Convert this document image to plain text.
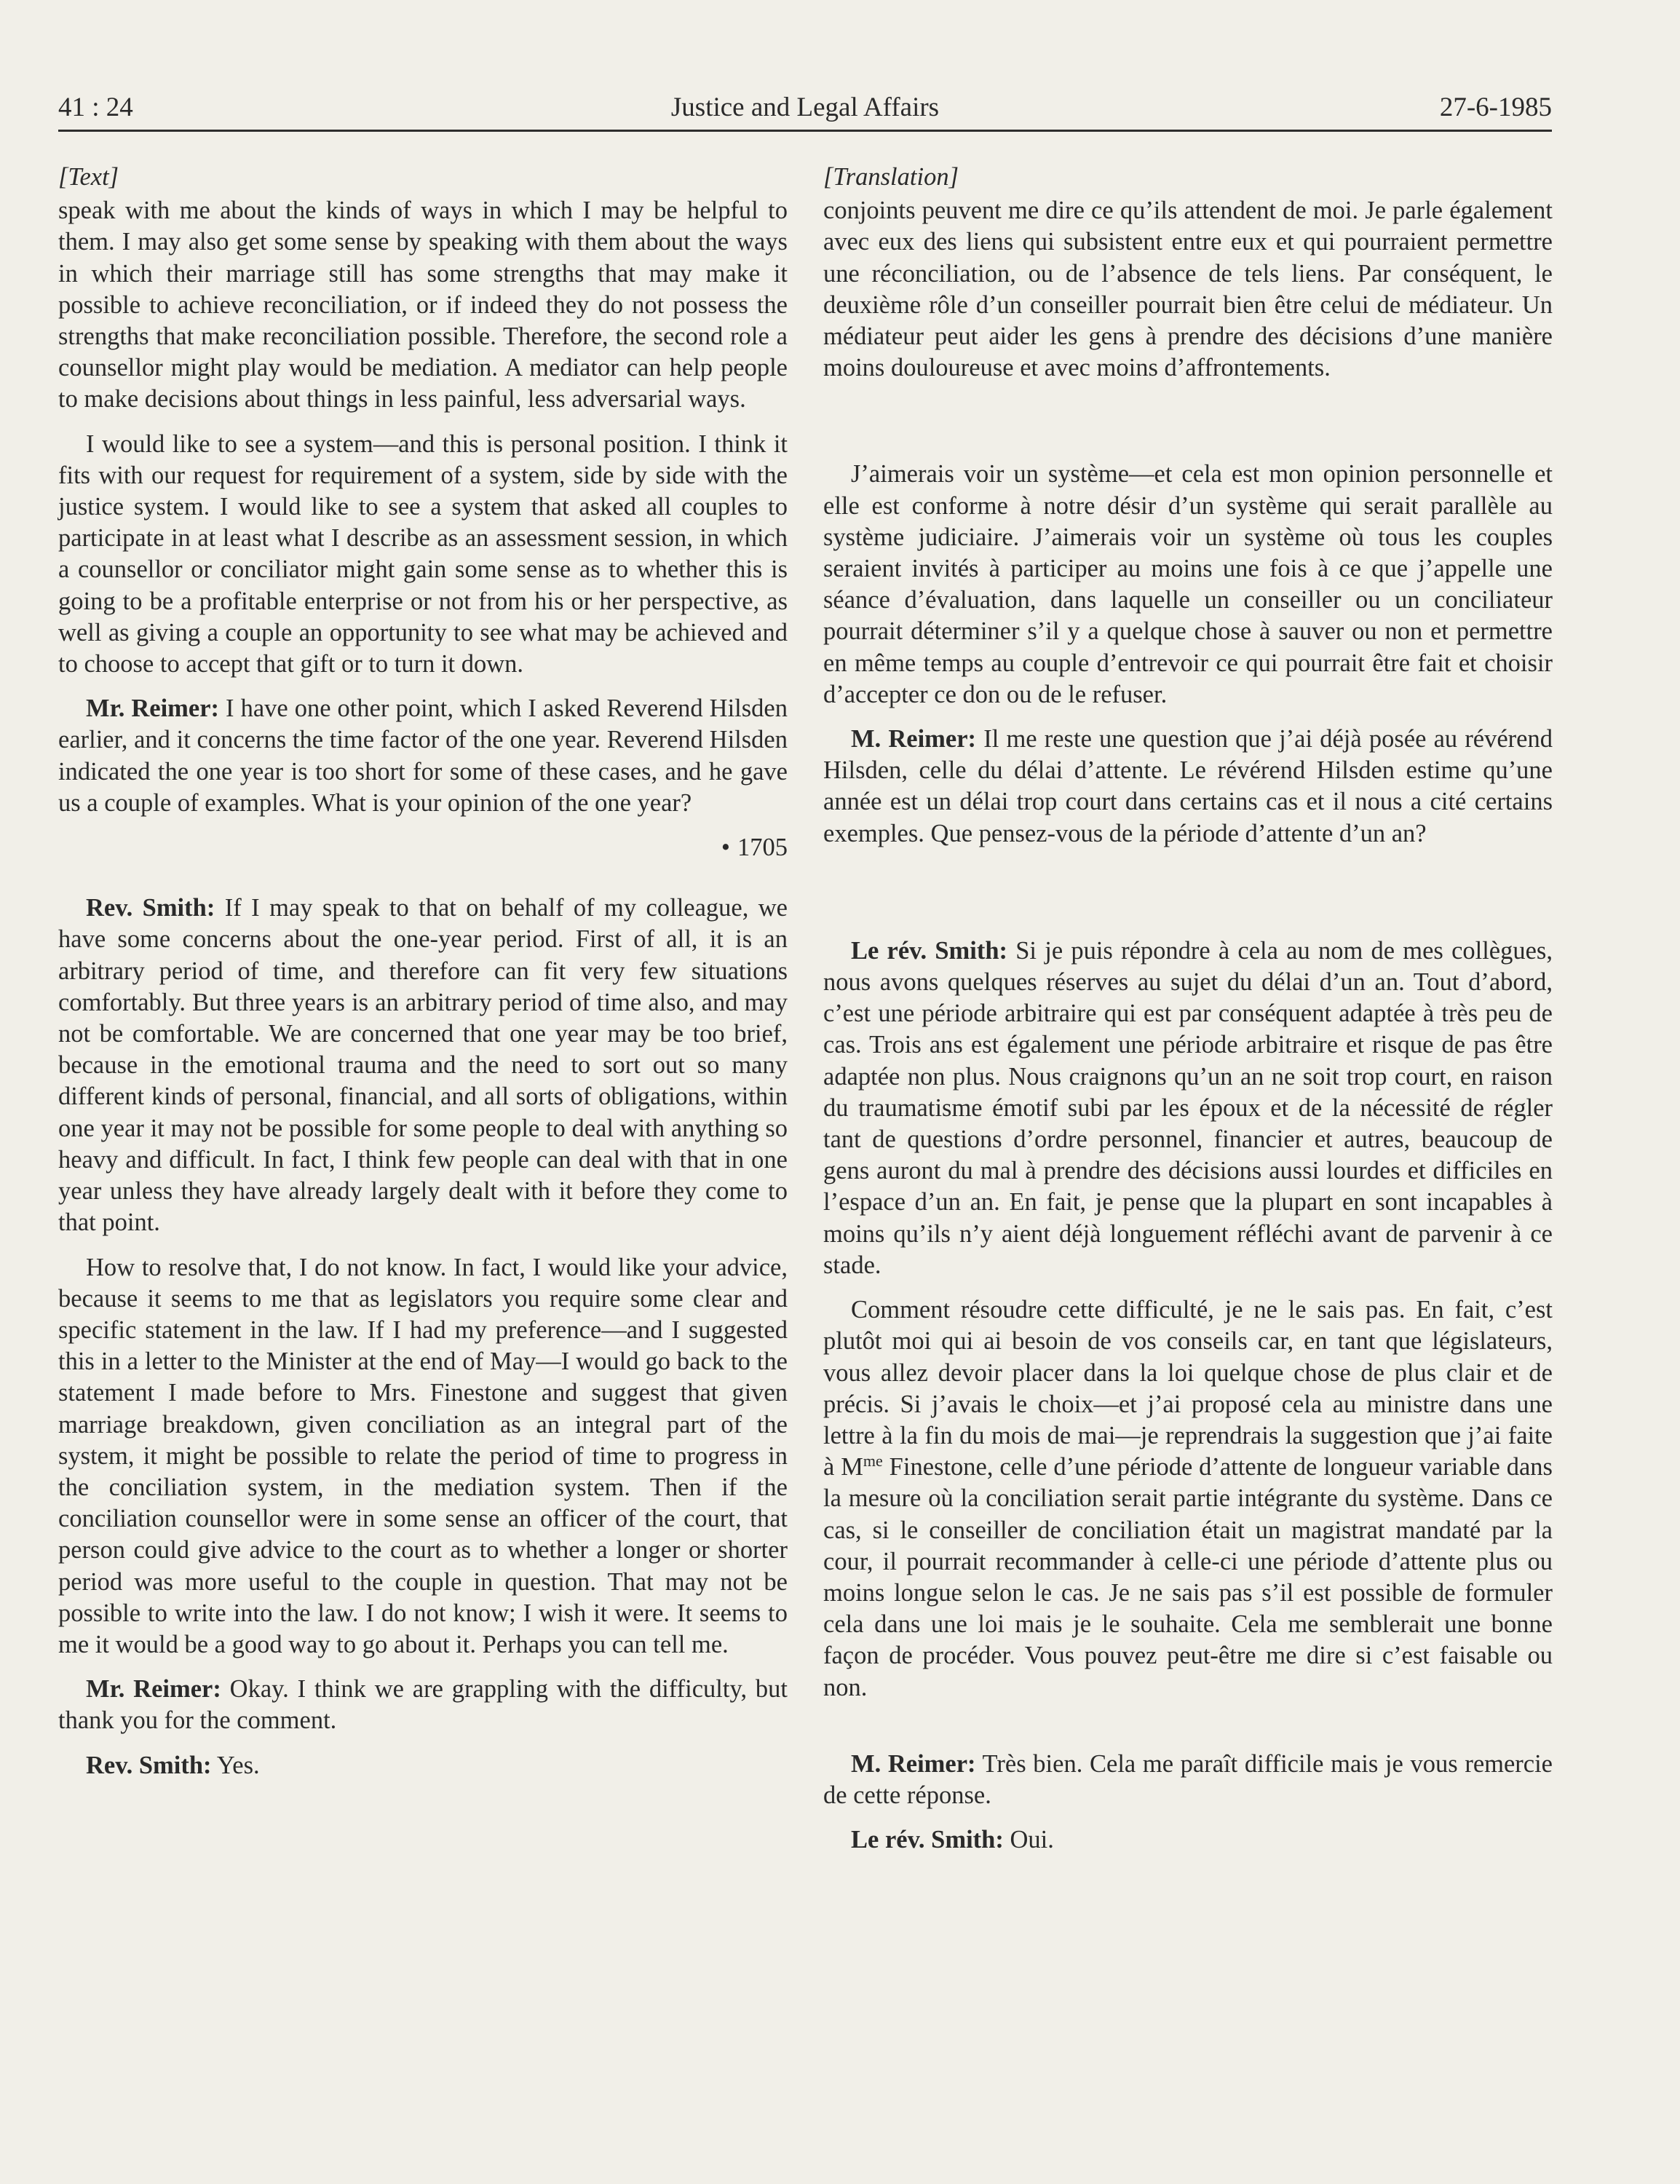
41 : 24	Justice and Legal Affairs	27-6-1985
[Text]

speak with me about the kinds of ways in which I may be helpful to them. I may also get some sense by speaking with them about the ways in which their marriage still has some strengths that may make it possible to achieve reconciliation, or if indeed they do not possess the strengths that make reconciliation possible. Therefore, the second role a counsellor might play would be mediation. A mediator can help people to make decisions about things in less painful, less adversarial ways.

I would like to see a system—and this is personal position. I think it fits with our request for requirement of a system, side by side with the justice system. I would like to see a system that asked all couples to participate in at least what I describe as an assessment session, in which a counsellor or conciliator might gain some sense as to whether this is going to be a profitable enterprise or not from his or her perspective, as well as giving a couple an opportunity to see what may be achieved and to choose to accept that gift or to turn it down.

Mr. Reimer: I have one other point, which I asked Reverend Hilsden earlier, and it concerns the time factor of the one year. Reverend Hilsden indicated the one year is too short for some of these cases, and he gave us a couple of examples. What is your opinion of the one year?

• 1705

Rev. Smith: If I may speak to that on behalf of my colleague, we have some concerns about the one-year period. First of all, it is an arbitrary period of time, and therefore can fit very few situations comfortably. But three years is an arbitrary period of time also, and may not be comfortable. We are concerned that one year may be too brief, because in the emotional trauma and the need to sort out so many different kinds of personal, financial, and all sorts of obligations, within one year it may not be possible for some people to deal with anything so heavy and difficult. In fact, I think few people can deal with that in one year unless they have already largely dealt with it before they come to that point.

How to resolve that, I do not know. In fact, I would like your advice, because it seems to me that as legislators you require some clear and specific statement in the law. If I had my preference—and I suggested this in a letter to the Minister at the end of May—I would go back to the statement I made before to Mrs. Finestone and suggest that given marriage breakdown, given conciliation as an integral part of the system, it might be possible to relate the period of time to progress in the conciliation system, in the mediation system. Then if the conciliation counsellor were in some sense an officer of the court, that person could give advice to the court as to whether a longer or shorter period was more useful to the couple in question. That may not be possible to write into the law. I do not know; I wish it were. It seems to me it would be a good way to go about it. Perhaps you can tell me.

Mr. Reimer: Okay. I think we are grappling with the difficulty, but thank you for the comment.

Rev. Smith: Yes.

[Translation]

conjoints peuvent me dire ce qu’ils attendent de moi. Je parle également avec eux des liens qui subsistent entre eux et qui pourraient permettre une réconciliation, ou de l’absence de tels liens. Par conséquent, le deuxième rôle d’un conseiller pourrait bien être celui de médiateur. Un médiateur peut aider les gens à prendre des décisions d’une manière moins douloureuse et avec moins d’affrontements.

J’aimerais voir un système—et cela est mon opinion personnelle et elle est conforme à notre désir d’un système qui serait parallèle au système judiciaire. J’aimerais voir un système où tous les couples seraient invités à participer au moins une fois à ce que j’appelle une séance d’évaluation, dans laquelle un conseiller ou un conciliateur pourrait déterminer s’il y a quelque chose à sauver ou non et permettre en même temps au couple d’entrevoir ce qui pourrait être fait et choisir d’accepter ce don ou de le refuser.

M. Reimer: Il me reste une question que j’ai déjà posée au révérend Hilsden, celle du délai d’attente. Le révérend Hilsden estime qu’une année est un délai trop court dans certains cas et il nous a cité certains exemples. Que pensez-vous de la période d’attente d’un an?

Le rév. Smith: Si je puis répondre à cela au nom de mes collègues, nous avons quelques réserves au sujet du délai d’un an. Tout d’abord, c’est une période arbitraire qui est par conséquent adaptée à très peu de cas. Trois ans est également une période arbitraire et risque de pas être adaptée non plus. Nous craignons qu’un an ne soit trop court, en raison du traumatisme émotif subi par les époux et de la nécessité de régler tant de questions d’ordre personnel, financier et autres, beaucoup de gens auront du mal à prendre des décisions aussi lourdes et difficiles en l’espace d’un an. En fait, je pense que la plupart en sont incapables à moins qu’ils n’y aient déjà longuement réfléchi avant de parvenir à ce stade.

Comment résoudre cette difficulté, je ne le sais pas. En fait, c’est plutôt moi qui ai besoin de vos conseils car, en tant que législateurs, vous allez devoir placer dans la loi quelque chose de plus clair et de précis. Si j’avais le choix—et j’ai proposé cela au ministre dans une lettre à la fin du mois de mai—je reprendrais la suggestion que j’ai faite à $M^{me}$ Finestone, celle d’une période d’attente de longueur variable dans la mesure où la conciliation serait partie intégrante du système. Dans ce cas, si le conseiller de conciliation était un magistrat mandaté par la cour, il pourrait recommander à celle-ci une période d’attente plus ou moins longue selon le cas. Je ne sais pas s’il est possible de formuler cela dans une loi mais je le souhaite. Cela me semblerait une bonne façon de procéder. Vous pouvez peut-être me dire si c’est faisable ou non.

M. Reimer: Très bien. Cela me paraît difficile mais je vous remercie de cette réponse.

Le rév. Smith: Oui.
